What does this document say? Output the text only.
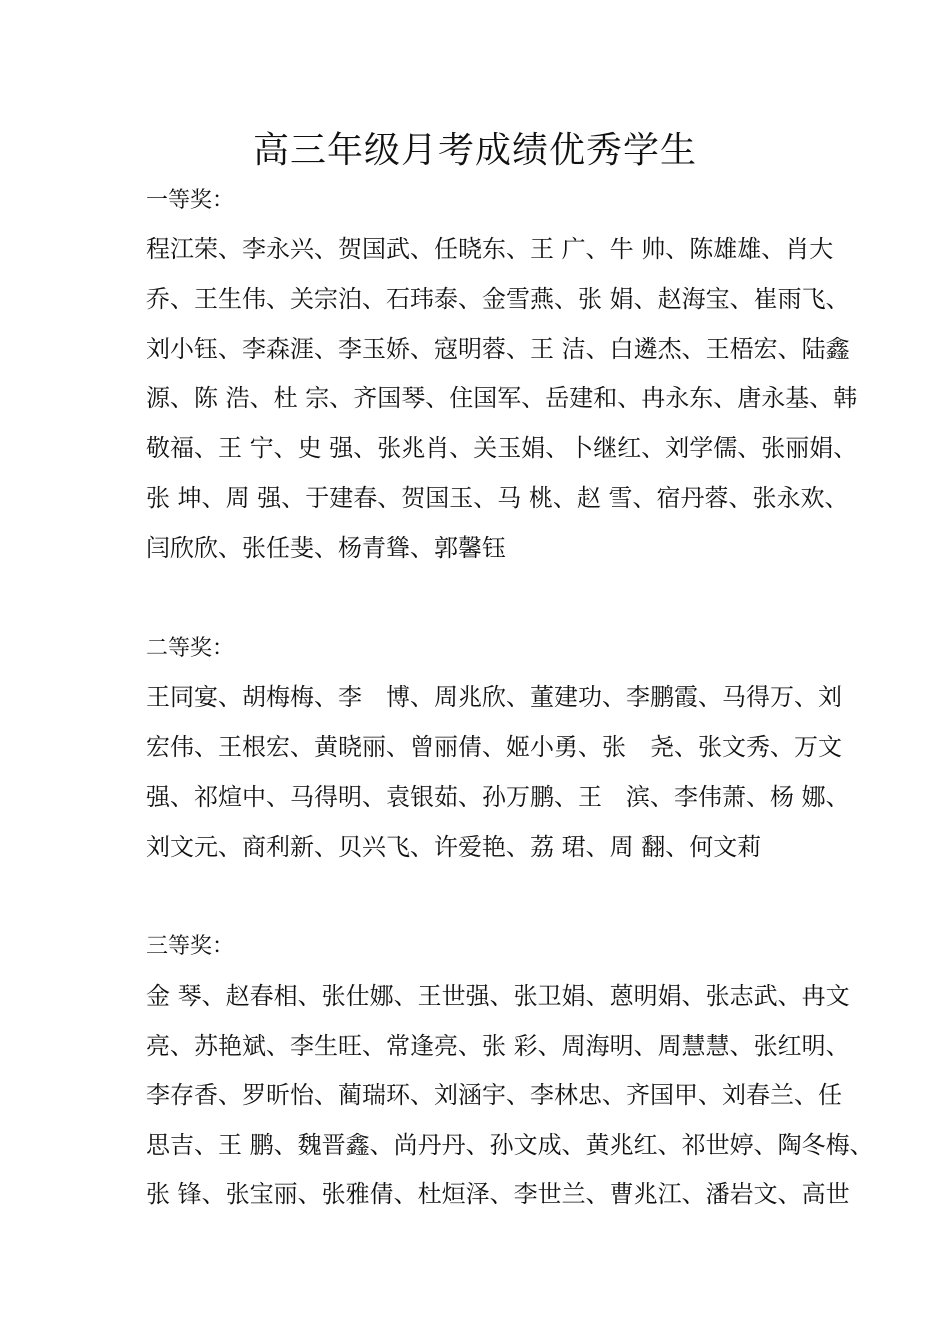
高三年级月考成绩优秀学生
一等奖：
程江荣、李永兴、贺国武、任晓东、王 广、牛 帅、陈雄雄、肖大
乔、王生伟、关宗泊、石玮泰、金雪燕、张 娟、赵海宝、崔雨飞、
刘小钰、李森涯、李玉娇、寇明蓉、王 洁、白遴杰、王梧宏、陆鑫
源、陈 浩、杜 宗、齐国琴、住国军、岳建和、冉永东、唐永基、韩
敬福、王 宁、史 强、张兆肖、关玉娟、卜继红、刘学儒、张丽娟、
张 坤、周 强、于建春、贺国玉、马 桃、赵 雪、宿丹蓉、张永欢、
闫欣欣、张任斐、杨青聳、郭馨钰
二等奖：
王同宴、胡梅梅、李　博、周兆欣、董建功、李鹏霞、马得万、刘
宏伟、王根宏、黄晓丽、曾丽倩、姬小勇、张　尧、张文秀、万文
强、祁煊中、马得明、袁银茹、孙万鹏、王　滨、李伟萧、杨 娜、
刘文元、商利新、贝兴飞、许爱艳、荔 珺、周 翻、何文莉
三等奖：
金 琴、赵春相、张仕娜、王世强、张卫娟、蒽明娟、张志武、冉文
亮、苏艳斌、李生旺、常逢亮、张 彩、周海明、周慧慧、张红明、
李存香、罗昕怡、蔺瑞环、刘涵宇、李林忠、齐国甲、刘春兰、任
思吉、王 鹏、魏晋鑫、尚丹丹、孙文成、黄兆红、祁世婷、陶冬梅、
张 锋、张宝丽、张雅倩、杜烜泽、李世兰、曹兆江、潘岩文、高世
